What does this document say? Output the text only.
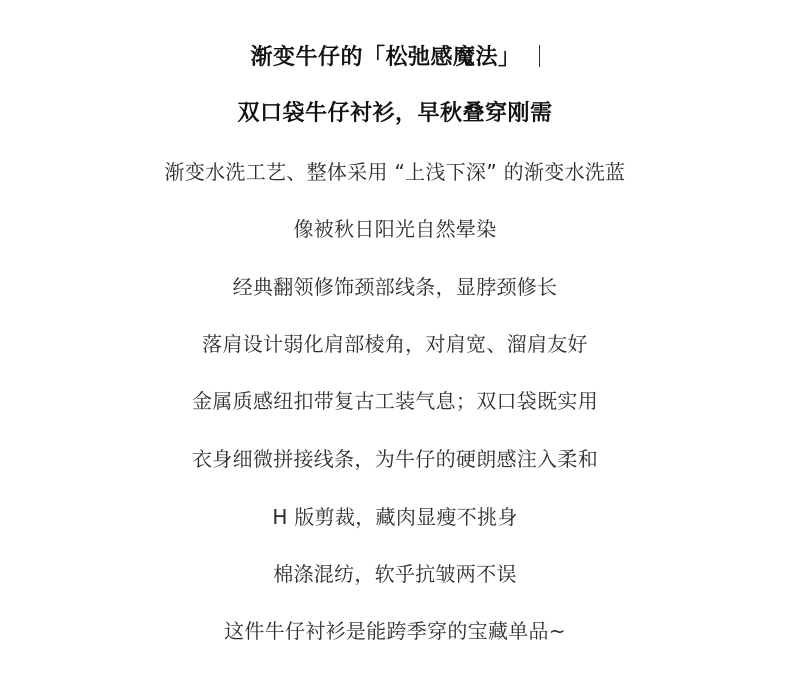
渐变牛仔的「松弛感魔法」
双口袋牛仔衬衫，早秋叠穿刚需
渐变水洗工艺、整体采用 “上浅下深” 的渐变水洗蓝
像被秋日阳光自然晕染
经典翻领修饰颈部线条，显脖颈修长
落肩设计弱化肩部棱角，对肩宽、溜肩友好
金属质感纽扣带复古工装气息；双口袋既实用
衣身细微拼接线条，为牛仔的硬朗感注入柔和
H 版剪裁，藏肉显瘦不挑身
棉涤混纺，软乎抗皱两不误
这件牛仔衬衫是能跨季穿的宝藏单品~
